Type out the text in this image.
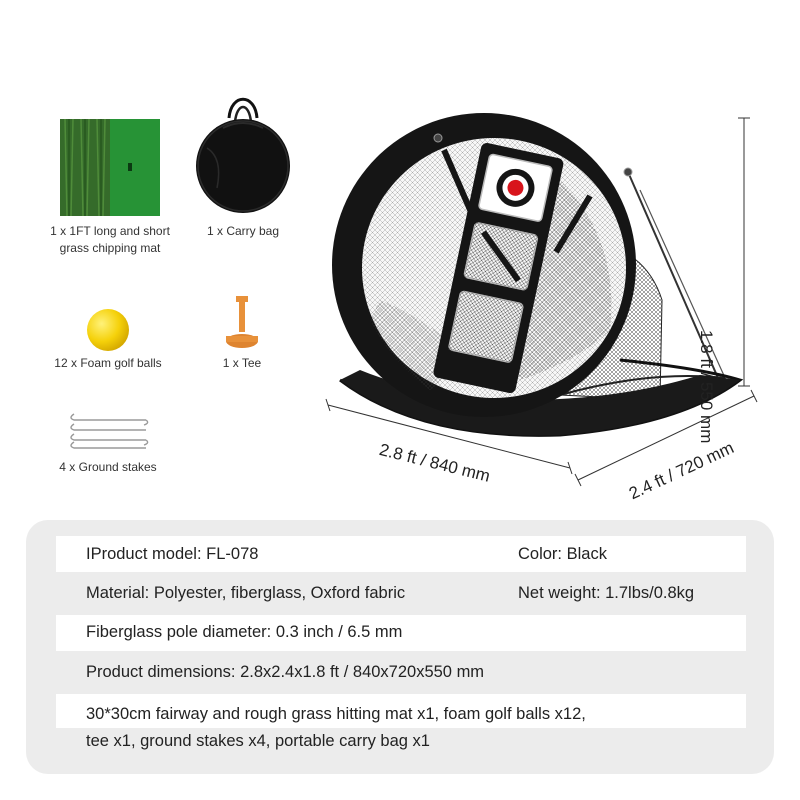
1 x 1FT long and short
grass chipping mat
1 x Carry bag
12 x Foam golf balls	1 x Tee
4 x Ground stakes	2.8 ft / 840 mm	2.4 ft / 720 mm
1.8 ft / 550 mm
IProduct model: FL-078	Color: Black
Material: Polyester, fiberglass, Oxford fabric	Net weight: 1.7lbs/0.8kg
Fiberglass pole diameter: 0.3 inch / 6.5 mm
Product dimensions: 2.8x2.4x1.8 ft / 840x720x550 mm
30*30cm fairway and rough grass hitting mat x1, foam golf balls x12,
tee x1, ground stakes x4, portable carry bag x1
